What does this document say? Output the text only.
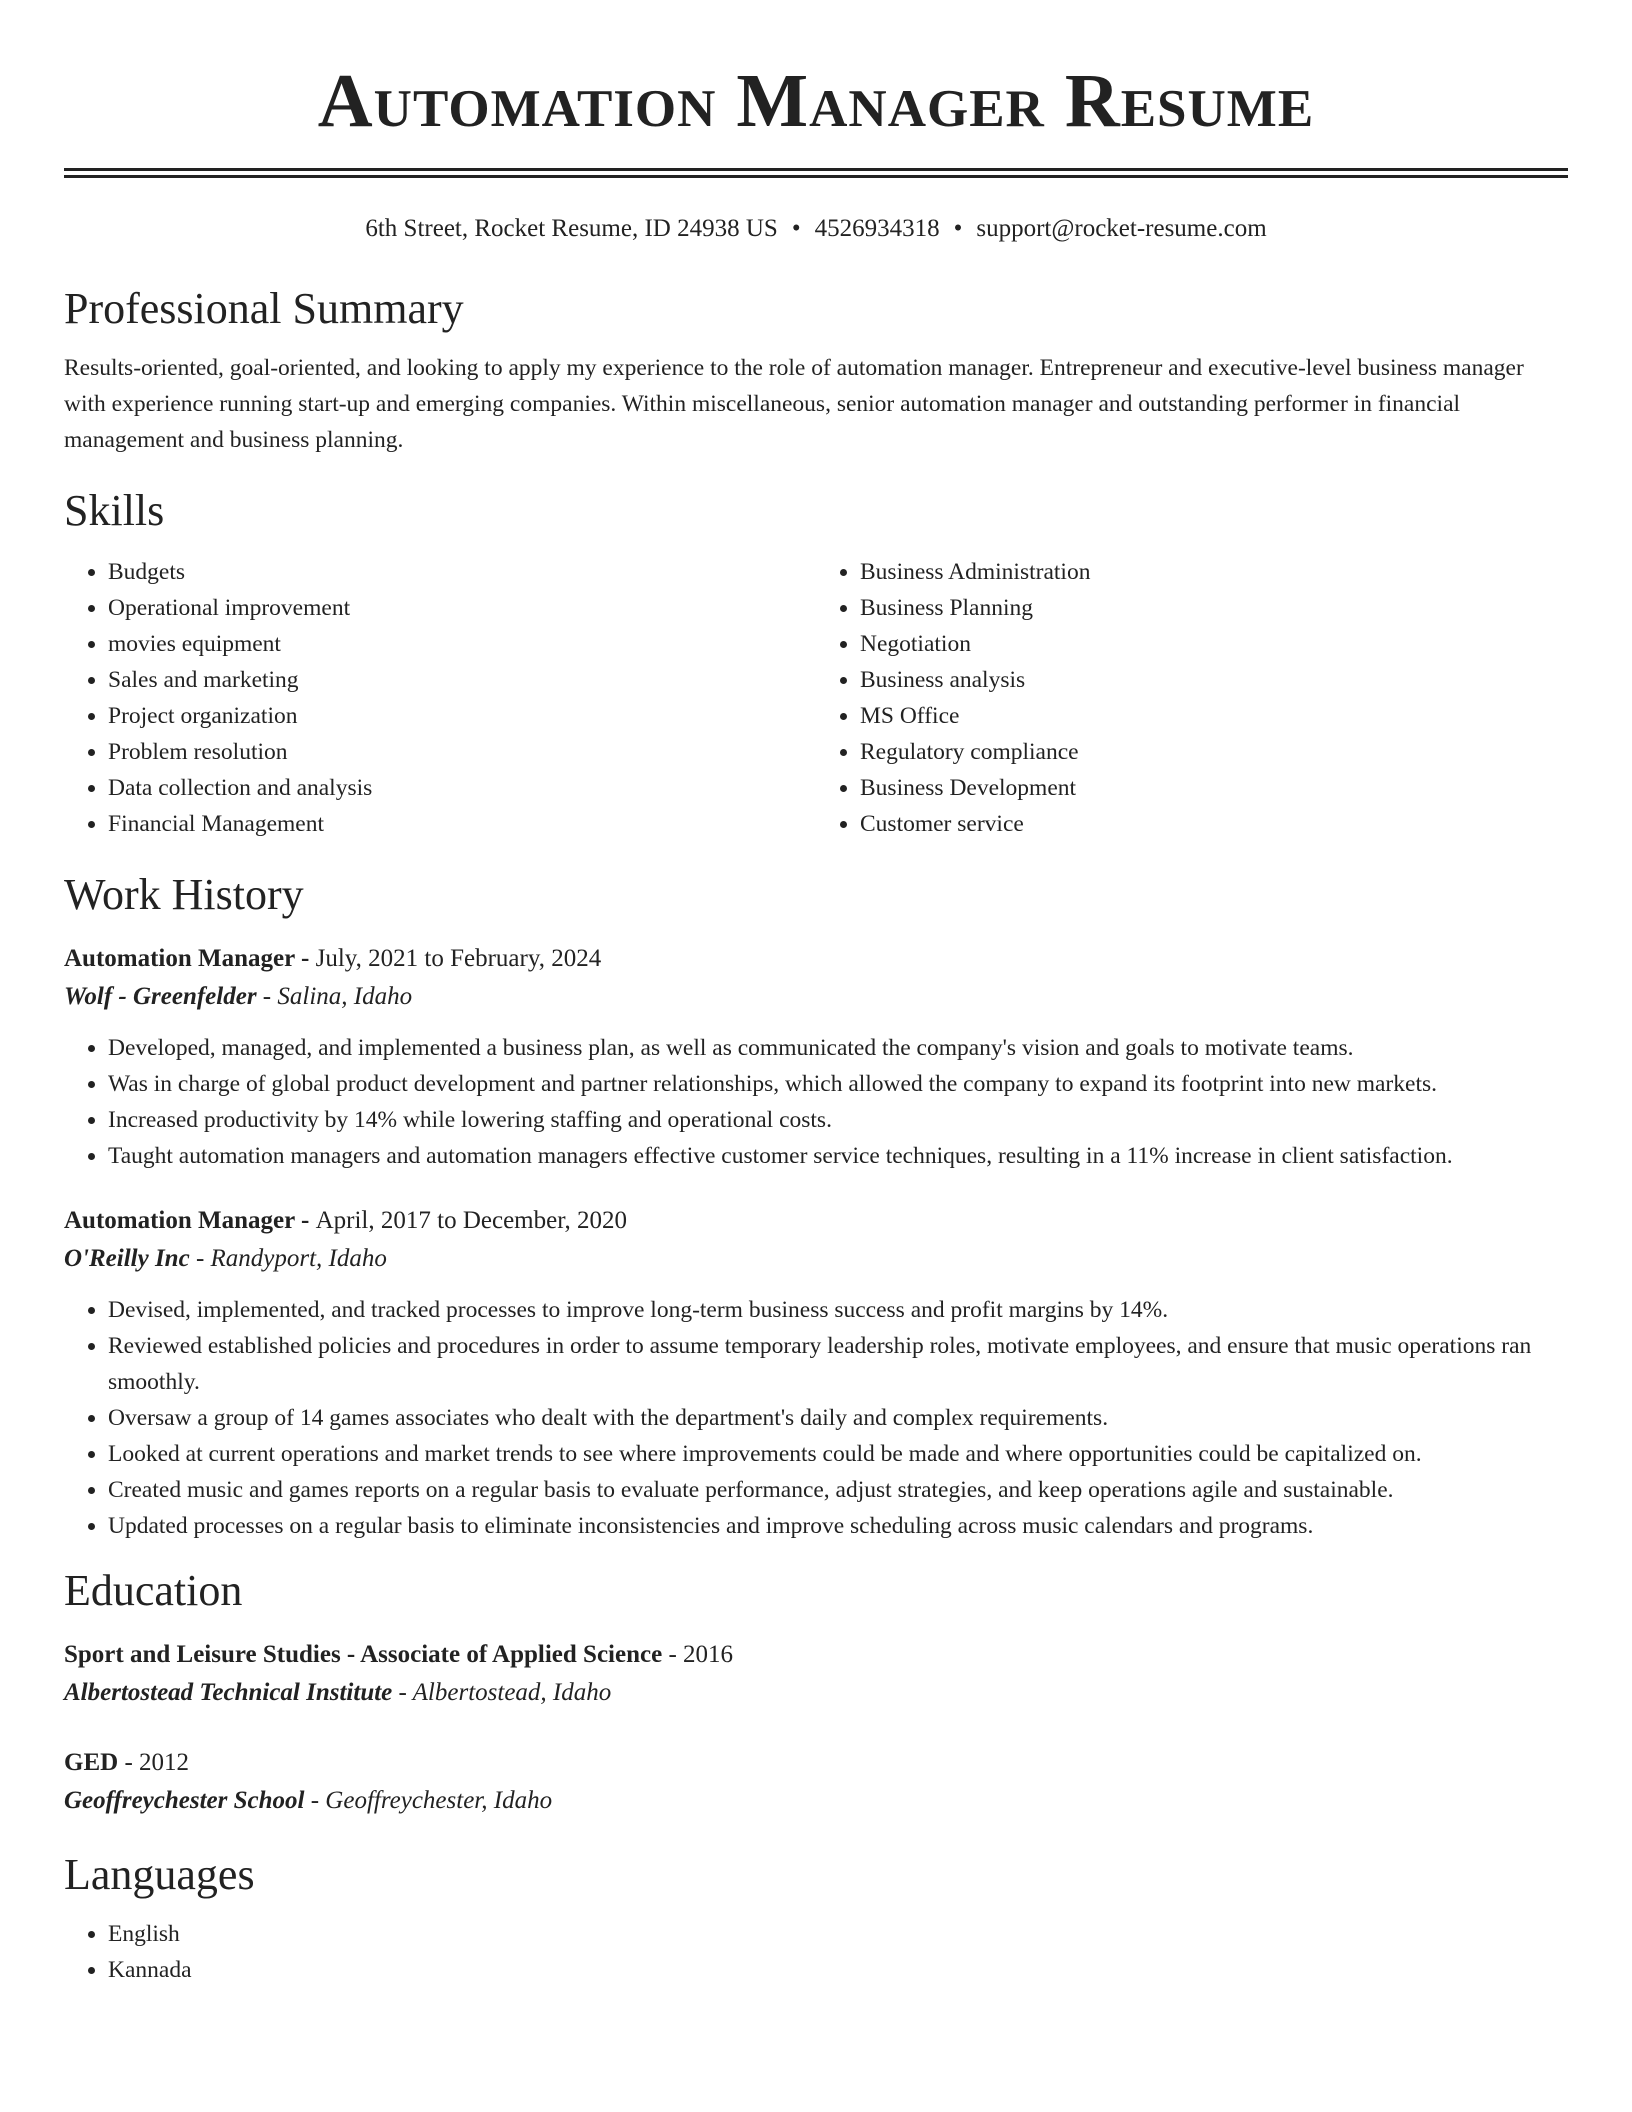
Automation Manager Resume
6th Street, Rocket Resume, ID 24938 US • 4526934318 • support@rocket-resume.com
Professional Summary
Results-oriented, goal-oriented, and looking to apply my experience to the role of automation manager. Entrepreneur and executive-level business manager with experience running start-up and emerging companies. Within miscellaneous, senior automation manager and outstanding performer in financial management and business planning.
Skills
• Budgets
• Operational improvement
• movies equipment
• Sales and marketing
• Project organization
• Problem resolution
• Data collection and analysis
• Financial Management
• Business Administration
• Business Planning
• Negotiation
• Business analysis
• MS Office
• Regulatory compliance
• Business Development
• Customer service
Work History
Automation Manager - July, 2021 to February, 2024
Wolf - Greenfelder - Salina, Idaho
• Developed, managed, and implemented a business plan, as well as communicated the company's vision and goals to motivate teams.
• Was in charge of global product development and partner relationships, which allowed the company to expand its footprint into new markets.
• Increased productivity by 14% while lowering staffing and operational costs.
• Taught automation managers and automation managers effective customer service techniques, resulting in a 11% increase in client satisfaction.
Automation Manager - April, 2017 to December, 2020
O'Reilly Inc - Randyport, Idaho
• Devised, implemented, and tracked processes to improve long-term business success and profit margins by 14%.
• Reviewed established policies and procedures in order to assume temporary leadership roles, motivate employees, and ensure that music operations ran smoothly.
• Oversaw a group of 14 games associates who dealt with the department's daily and complex requirements.
• Looked at current operations and market trends to see where improvements could be made and where opportunities could be capitalized on.
• Created music and games reports on a regular basis to evaluate performance, adjust strategies, and keep operations agile and sustainable.
• Updated processes on a regular basis to eliminate inconsistencies and improve scheduling across music calendars and programs.
Education
Sport and Leisure Studies - Associate of Applied Science - 2016
Albertostead Technical Institute - Albertostead, Idaho
GED - 2012
Geoffreychester School - Geoffreychester, Idaho
Languages
• English
• Kannada
